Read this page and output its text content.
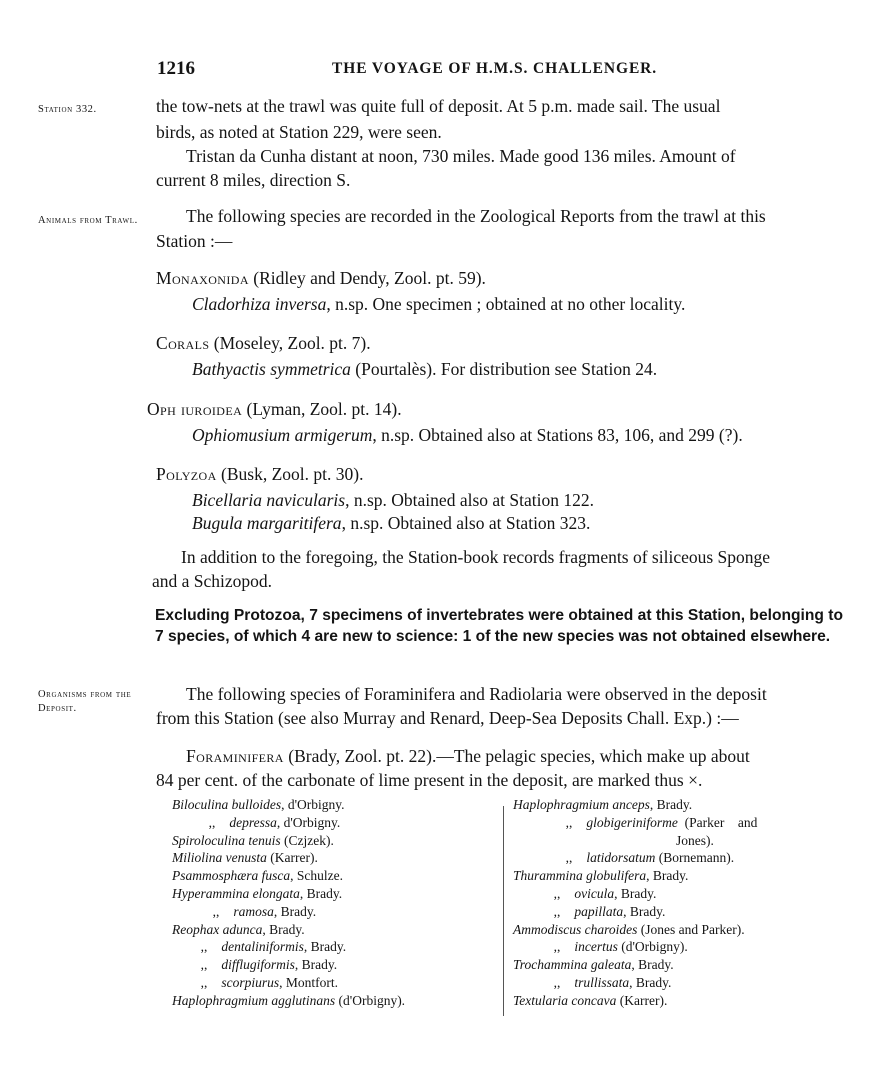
1216	THE VOYAGE OF H.M.S. CHALLENGER.
Station 332.
Animals from Trawl.
Organisms from the Deposit.
the tow-nets at the trawl was quite full of deposit. At 5 p.m. made sail. The usual
birds, as noted at Station 229, were seen.
Tristan da Cunha distant at noon, 730 miles. Made good 136 miles. Amount of
current 8 miles, direction S.
The following species are recorded in the Zoological Reports from the trawl at this
Station :—
Monaxonida (Ridley and Dendy, Zool. pt. 59).
Cladorhiza inversa, n.sp. One specimen ; obtained at no other locality.
Corals (Moseley, Zool. pt. 7).
Bathyactis symmetrica (Pourtalès). For distribution see Station 24.
Oph iuroidea (Lyman, Zool. pt. 14).
Ophiomusium armigerum, n.sp. Obtained also at Stations 83, 106, and 299 (?).
Polyzoa (Busk, Zool. pt. 30).
Bicellaria navicularis, n.sp. Obtained also at Station 122.
Bugula margaritifera, n.sp. Obtained also at Station 323.
In addition to the foregoing, the Station-book records fragments of siliceous Sponge
and a Schizopod.
Excluding Protozoa, 7 specimens of invertebrates were obtained at this Station, belonging to 7 species, of which 4 are new to science: 1 of the new species was not obtained elsewhere.
The following species of Foraminifera and Radiolaria were observed in the deposit
from this Station (see also Murray and Renard, Deep-Sea Deposits Chall. Exp.) :—
Foraminifera (Brady, Zool. pt. 22).—The pelagic species, which make up about
84 per cent. of the carbonate of lime present in the deposit, are marked thus ×.
Biloculina bulloides, d'Orbigny.
,, depressa, d'Orbigny.
Spiroloculina tenuis (Czjzek).
Miliolina venusta (Karrer).
Psammosphæra fusca, Schulze.
Hyperammina elongata, Brady.
,, ramosa, Brady.
Reophax adunca, Brady.
,, dentaliniformis, Brady.
,, difflugiformis, Brady.
,, scorpiurus, Montfort.
Haplophragmium agglutinans (d'Orbigny).
Haplophragmium anceps, Brady.
,, globigeriniforme  (Parker    and
Jones).
,, latidorsatum (Bornemann).
Thurammina globulifera, Brady.
,, ovicula, Brady.
,, papillata, Brady.
Ammodiscus charoides (Jones and Parker).
,, incertus (d'Orbigny).
Trochammina galeata, Brady.
,, trullissata, Brady.
Textularia concava (Karrer).
